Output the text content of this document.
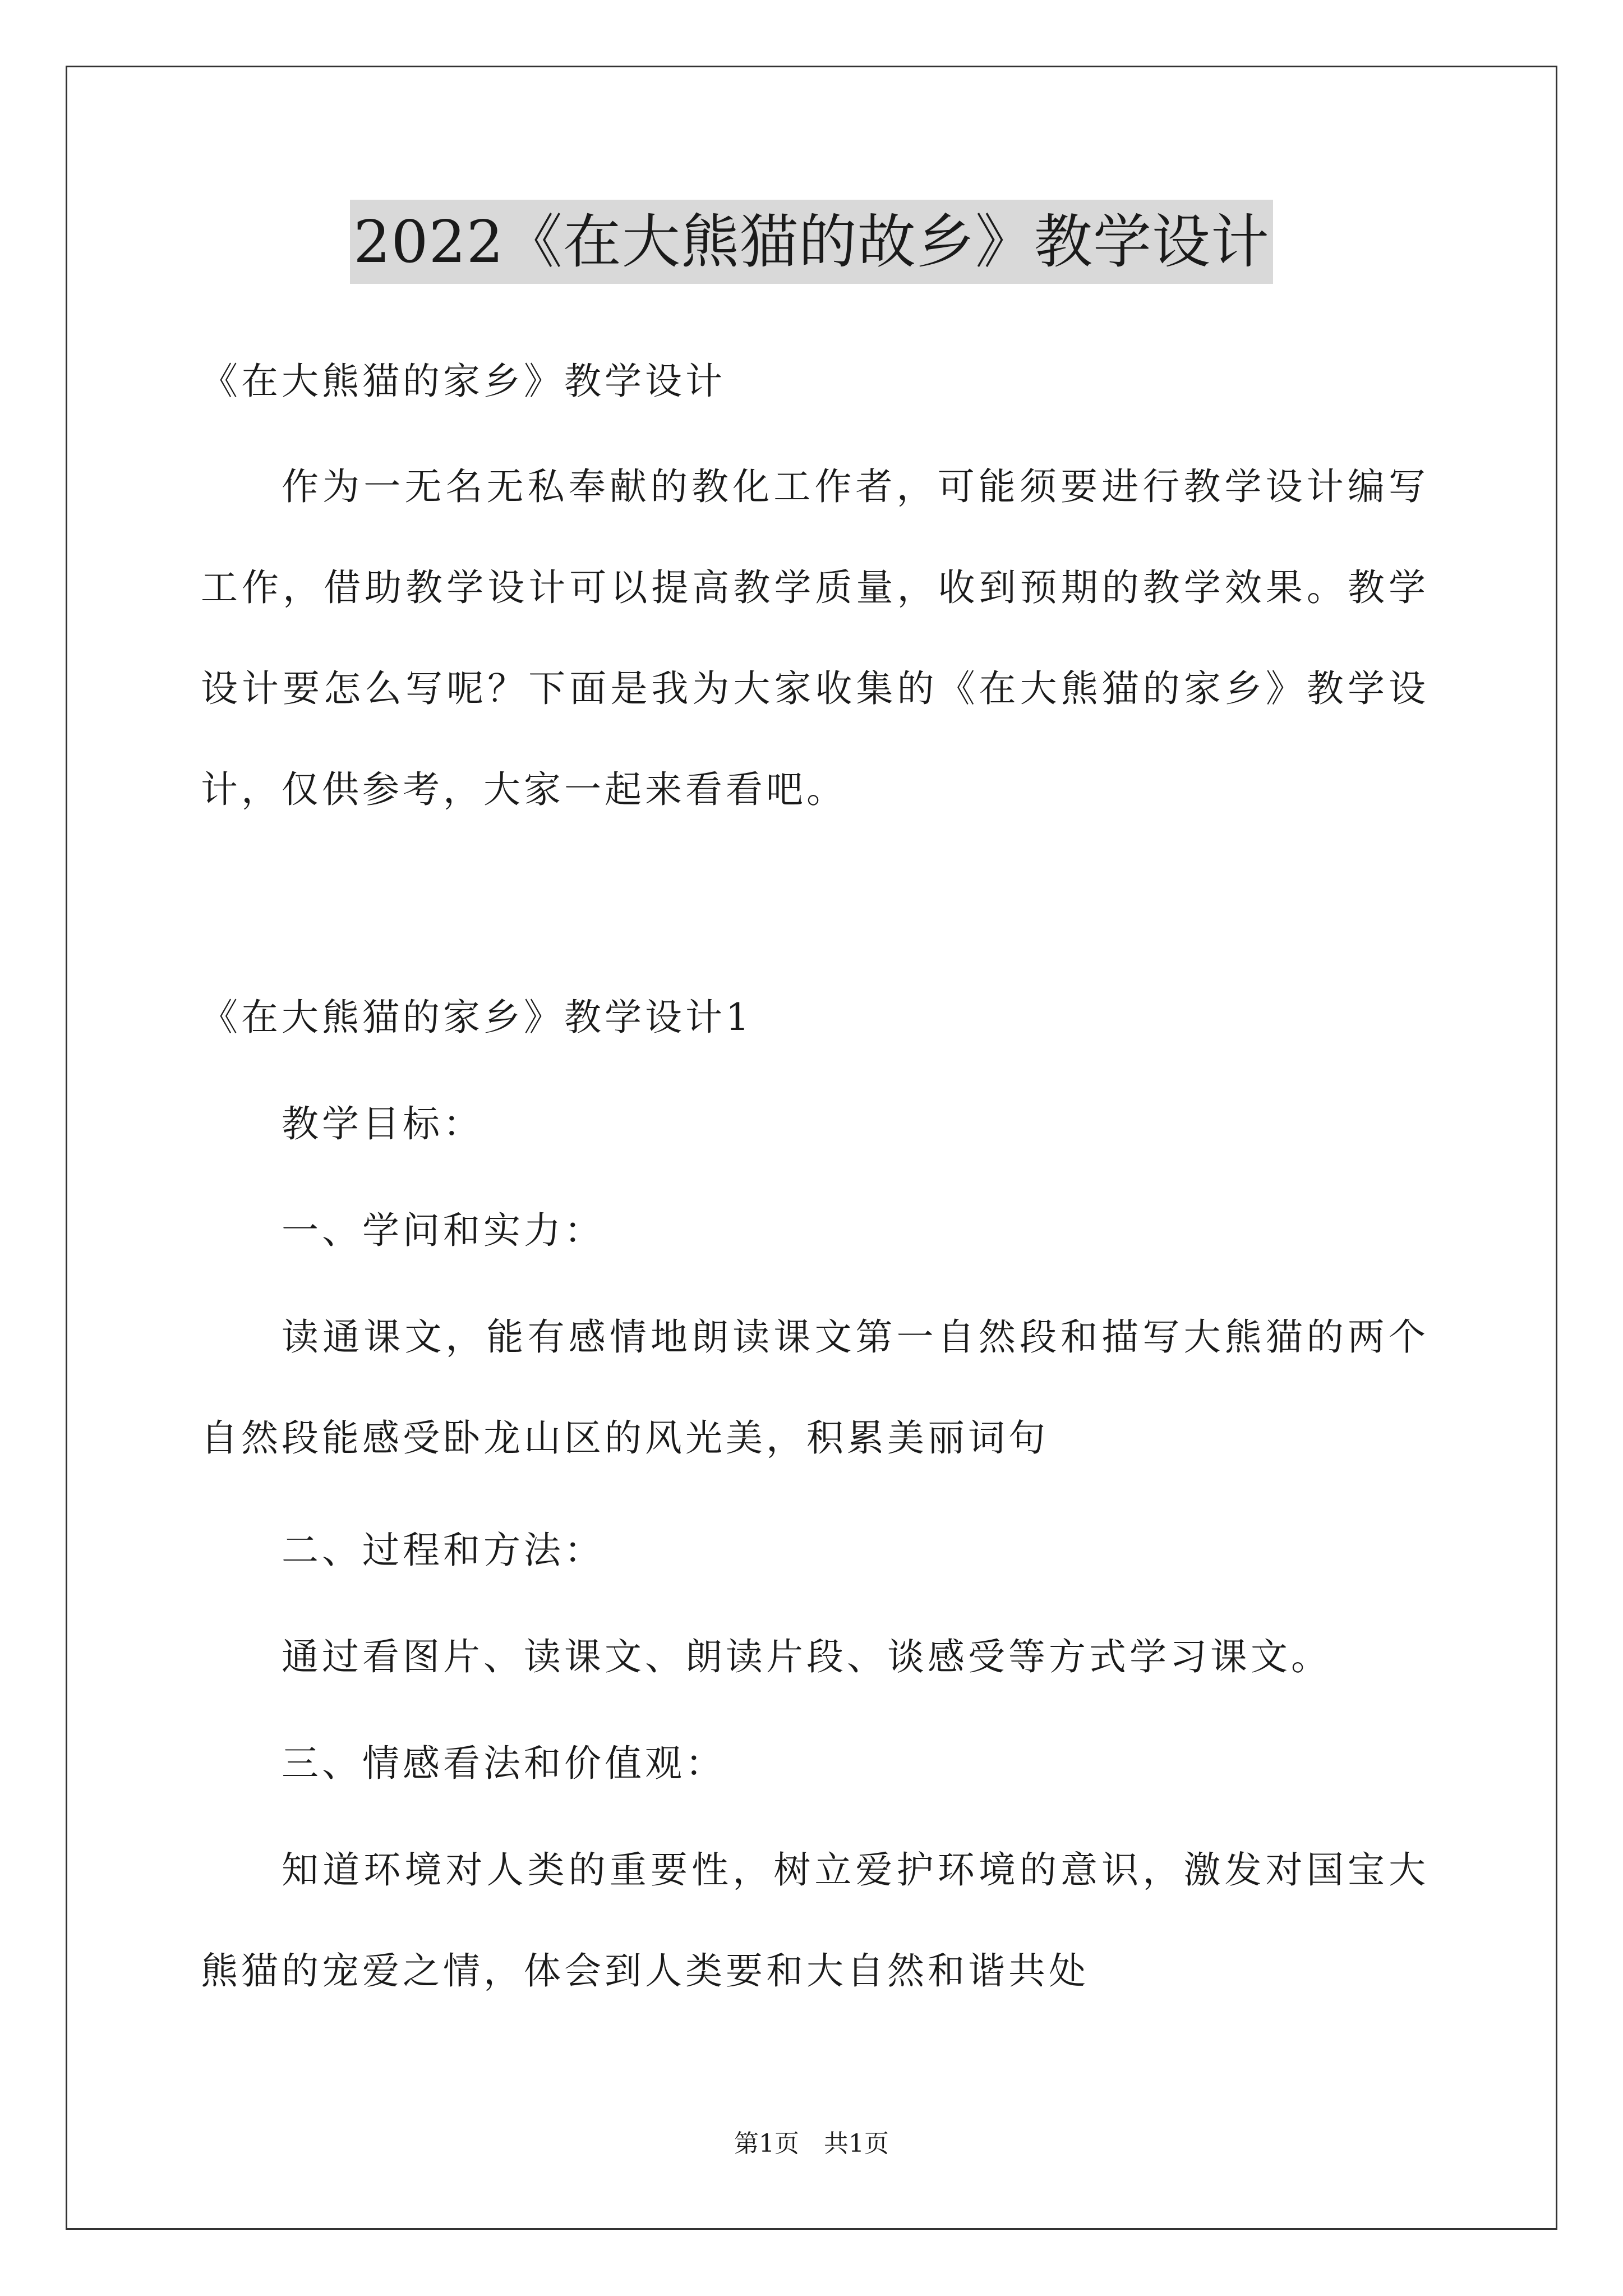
2022《在大熊猫的故乡》教学设计

《在大熊猫的家乡》教学设计

作为一无名无私奉献的教化工作者，可能须要进行教学设计编写工作，借助教学设计可以提高教学质量，收到预期的教学效果。教学设计要怎么写呢？下面是我为大家收集的《在大熊猫的家乡》教学设计，仅供参考，大家一起来看看吧。

《在大熊猫的家乡》教学设计1

教学目标：

一、学问和实力：

读通课文，能有感情地朗读课文第一自然段和描写大熊猫的两个自然段能感受卧龙山区的风光美，积累美丽词句

二、过程和方法：

通过看图片、读课文、朗读片段、谈感受等方式学习课文。

三、情感看法和价值观：

知道环境对人类的重要性，树立爱护环境的意识，激发对国宝大熊猫的宠爱之情，体会到人类要和大自然和谐共处

第1页　共1页
